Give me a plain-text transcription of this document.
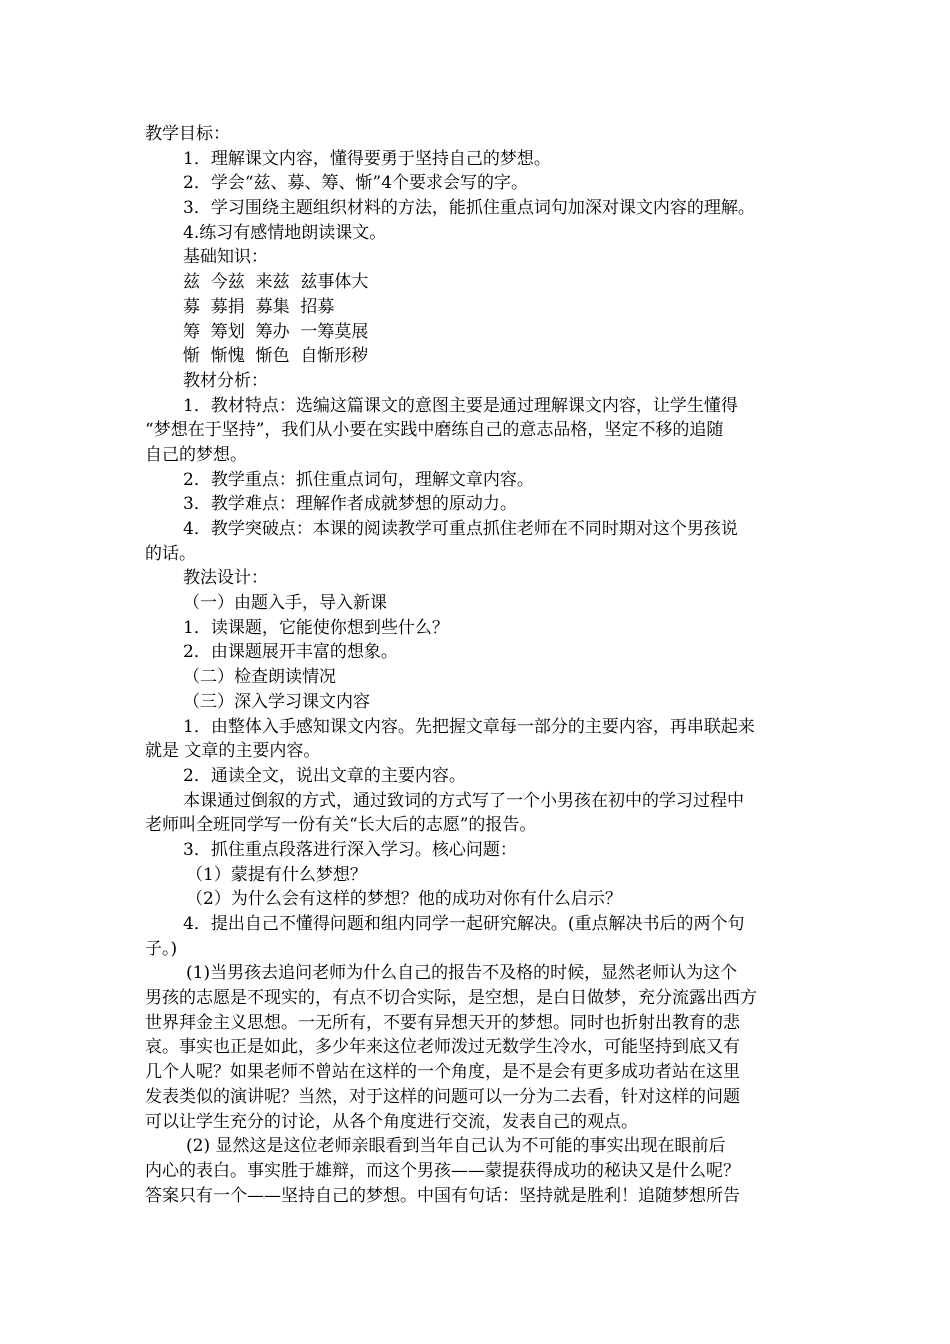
教学目标：
1．理解课文内容，懂得要勇于坚持自己的梦想。
2．学会“兹、募、筹、惭”4个要求会写的字。
3．学习围绕主题组织材料的方法，能抓住重点词句加深对课文内容的理解。
4.练习有感情地朗读课文。
基础知识：
兹  今兹  来兹  兹事体大
募  募捐  募集  招募
筹  筹划  筹办  一筹莫展
惭  惭愧  惭色  自惭形秽
教材分析：
1．教材特点：选编这篇课文的意图主要是通过理解课文内容，让学生懂得
“梦想在于坚持”，我们从小要在实践中磨练自己的意志品格，坚定不移的追随
自己的梦想。
2．教学重点：抓住重点词句，理解文章内容。
3．教学难点：理解作者成就梦想的原动力。
4．教学突破点：本课的阅读教学可重点抓住老师在不同时期对这个男孩说
的话。
教法设计：
（一）由题入手，导入新课
1．读课题，它能使你想到些什么？
2．由课题展开丰富的想象。
（二）检查朗读情况
（三）深入学习课文内容
1．由整体入手感知课文内容。先把握文章每一部分的主要内容，再串联起来
就是 文章的主要内容。
2．通读全文，说出文章的主要内容。
本课通过倒叙的方式，通过致词的方式写了一个小男孩在初中的学习过程中
老师叫全班同学写一份有关“长大后的志愿”的报告。
3．抓住重点段落进行深入学习。核心问题：
（1）蒙提有什么梦想？
（2）为什么会有这样的梦想？他的成功对你有什么启示？
4．提出自己不懂得问题和组内同学一起研究解决。(重点解决书后的两个句
子。)
(1)当男孩去追问老师为什么自己的报告不及格的时候，显然老师认为这个
男孩的志愿是不现实的，有点不切合实际，是空想，是白日做梦，充分流露出西方
世界拜金主义思想。一无所有，不要有异想天开的梦想。同时也折射出教育的悲
哀。事实也正是如此，多少年来这位老师泼过无数学生冷水，可能坚持到底又有
几个人呢？如果老师不曾站在这样的一个角度，是不是会有更多成功者站在这里
发表类似的演讲呢？当然，对于这样的问题可以一分为二去看，针对这样的问题
可以让学生充分的讨论，从各个角度进行交流，发表自己的观点。
(2) 显然这是这位老师亲眼看到当年自己认为不可能的事实出现在眼前后
内心的表白。事实胜于雄辩，而这个男孩——蒙提获得成功的秘诀又是什么呢？
答案只有一个——坚持自己的梦想。中国有句话：坚持就是胜利！追随梦想所告
